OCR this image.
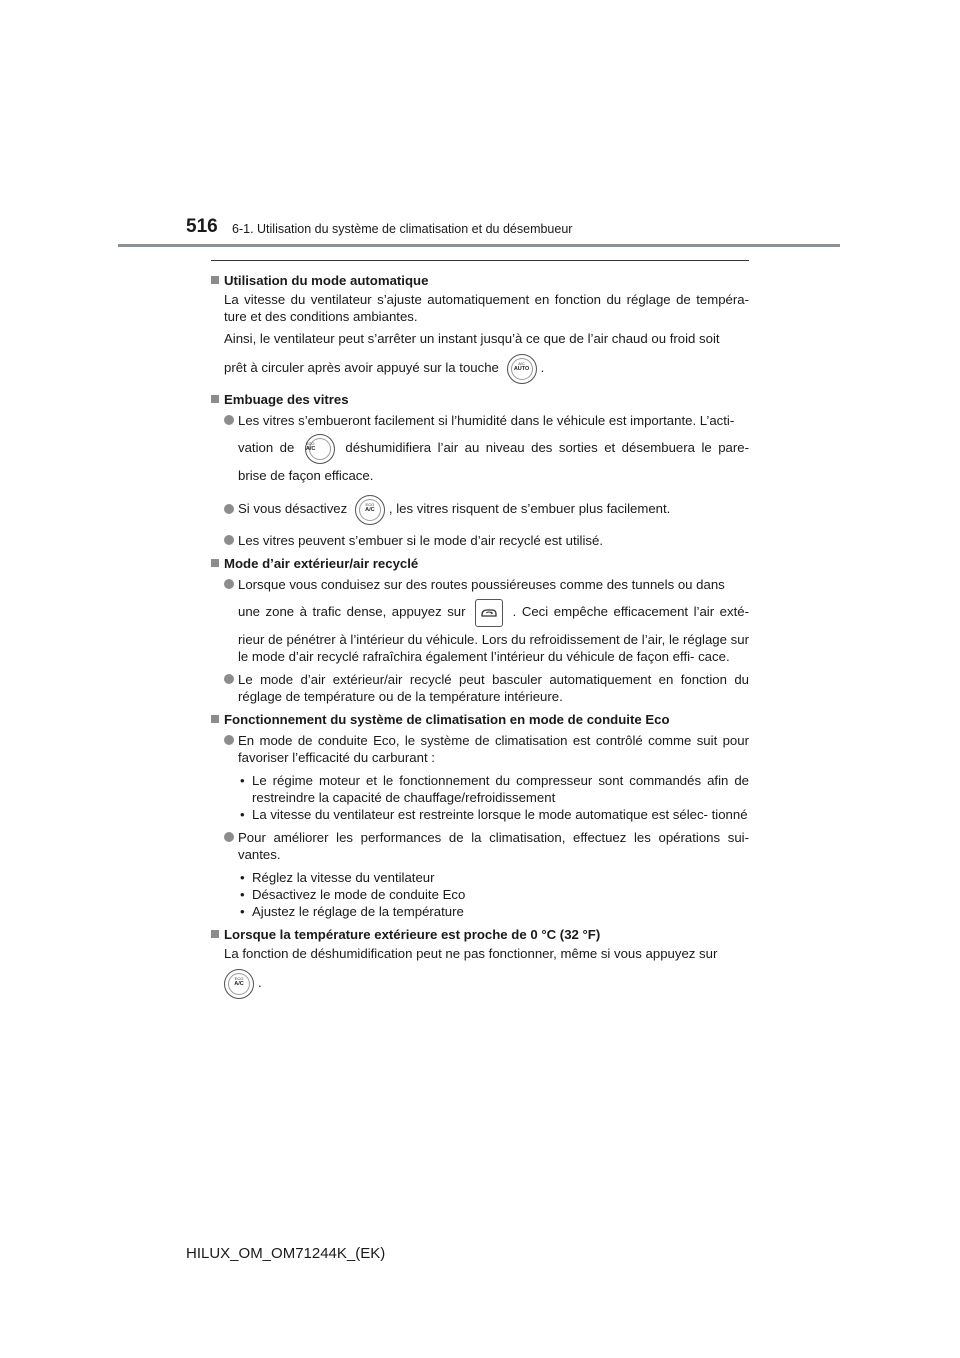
516 6-1. Utilisation du système de climatisation et du désembueur
Utilisation du mode automatique
La vitesse du ventilateur s’ajuste automatiquement en fonction du réglage de tempéra- ture et des conditions ambiantes.
Ainsi, le ventilateur peut s’arrêter un instant jusqu’à ce que de l’air chaud ou froid soit
prêt à circuler après avoir appuyé sur la touche	A/C
AUTO .
Embuage des vitres
Les vitres s’embueront facilement si l’humidité dans le véhicule est importante. L’acti-
vation de	ECO
A/C	déshumidifiera l’air au niveau des sorties et désembuera le pare-
brise de façon efficace.
Si vous désactivez	ECO
A/C	, les vitres risquent de s’embuer plus facilement.
Les vitres peuvent s’embuer si le mode d’air recyclé est utilisé.
Mode d’air extérieur/air recyclé
Lorsque vous conduisez sur des routes poussiéreuses comme des tunnels ou dans
une zone à trafic dense, appuyez sur	. Ceci empêche efficacement l’air exté-
rieur de pénétrer à l’intérieur du véhicule. Lors du refroidissement de l’air, le réglage sur le mode d’air recyclé rafraîchira également l’intérieur du véhicule de façon effi- cace.
Le mode d’air extérieur/air recyclé peut basculer automatiquement en fonction du réglage de température ou de la température intérieure.
Fonctionnement du système de climatisation en mode de conduite Eco
En mode de conduite Eco, le système de climatisation est contrôlé comme suit pour favoriser l’efficacité du carburant :
• Le régime moteur et le fonctionnement du compresseur sont commandés afin de restreindre la capacité de chauffage/refroidissement
• La vitesse du ventilateur est restreinte lorsque le mode automatique est sélec- tionné
Pour améliorer les performances de la climatisation, effectuez les opérations sui- vantes.
• Réglez la vitesse du ventilateur
• Désactivez le mode de conduite Eco
• Ajustez le réglage de la température
Lorsque la température extérieure est proche de 0 °C (32 °F)
La fonction de déshumidification peut ne pas fonctionner, même si vous appuyez sur
ECO
A/C	.
HILUX_OM_OM71244K_(EK)
